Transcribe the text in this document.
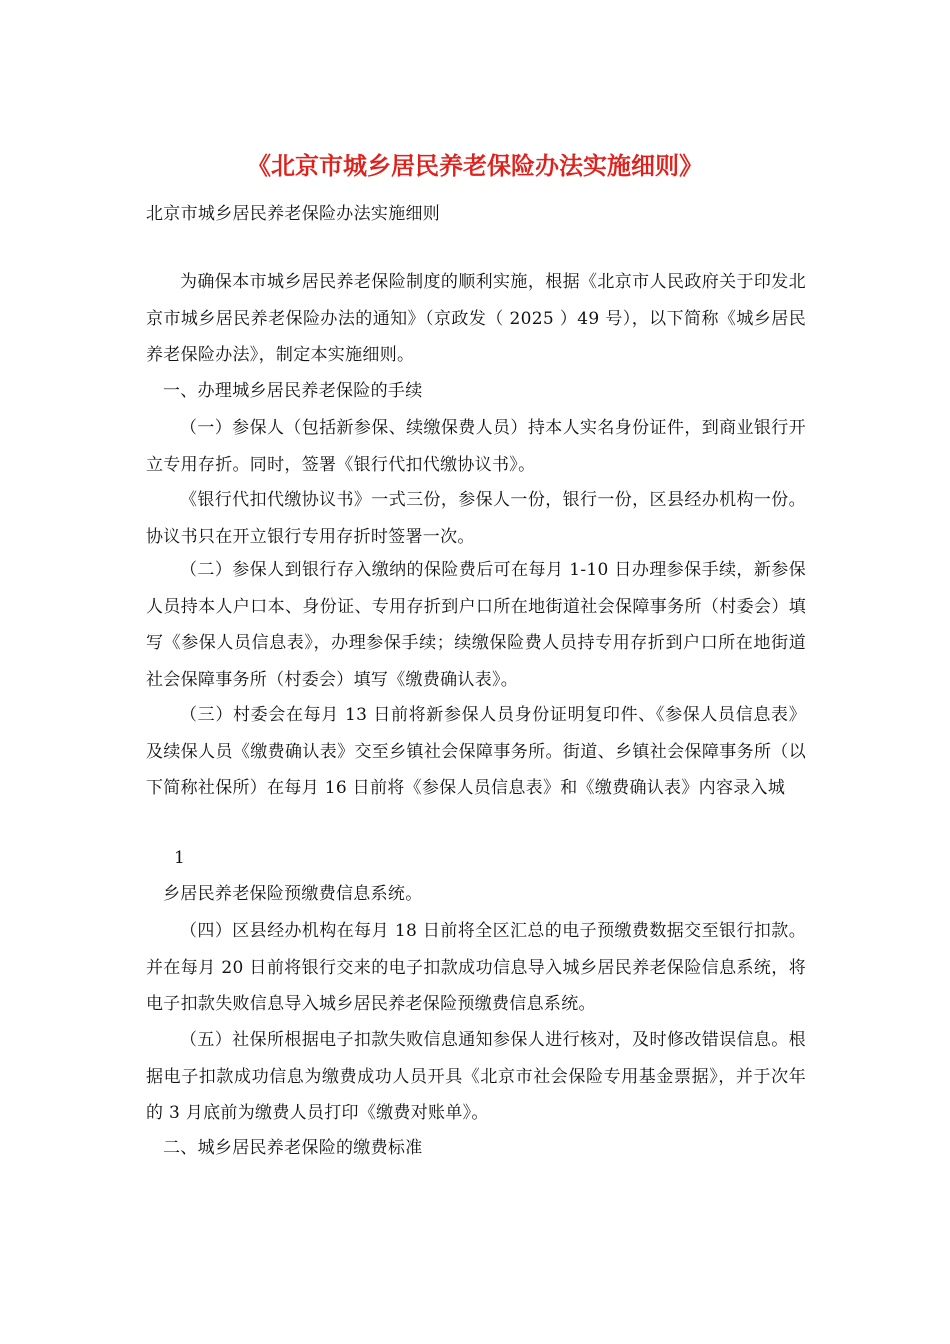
《北京市城乡居民养老保险办法实施细则》

北京市城乡居民养老保险办法实施细则

为确保本市城乡居民养老保险制度的顺利实施，根据《北京市人民政府关于印发北京市城乡居民养老保险办法的通知》（京政发（ 2025 ）49 号），以下简称《城乡居民养老保险办法》，制定本实施细则。

一、办理城乡居民养老保险的手续

（一）参保人（包括新参保、续缴保费人员）持本人实名身份证件，到商业银行开立专用存折。同时，签署《银行代扣代缴协议书》。

《银行代扣代缴协议书》一式三份，参保人一份，银行一份，区县经办机构一份。协议书只在开立银行专用存折时签署一次。

（二）参保人到银行存入缴纳的保险费后可在每月 1-10 日办理参保手续，新参保人员持本人户口本、身份证、专用存折到户口所在地街道社会保障事务所（村委会）填写《参保人员信息表》，办理参保手续；续缴保险费人员持专用存折到户口所在地街道社会保障事务所（村委会）填写《缴费确认表》。

（三）村委会在每月 13 日前将新参保人员身份证明复印件、《参保人员信息表》及续保人员《缴费确认表》交至乡镇社会保障事务所。街道、乡镇社会保障事务所（以下简称社保所）在每月 16 日前将《参保人员信息表》和《缴费确认表》内容录入城

乡居民养老保险预缴费信息系统。

（四）区县经办机构在每月 18 日前将全区汇总的电子预缴费数据交至银行扣款。并在每月 20 日前将银行交来的电子扣款成功信息导入城乡居民养老保险信息系统，将电子扣款失败信息导入城乡居民养老保险预缴费信息系统。

（五）社保所根据电子扣款失败信息通知参保人进行核对，及时修改错误信息。根据电子扣款成功信息为缴费成功人员开具《北京市社会保险专用基金票据》，并于次年的 3 月底前为缴费人员打印《缴费对账单》。

二、城乡居民养老保险的缴费标准

1
